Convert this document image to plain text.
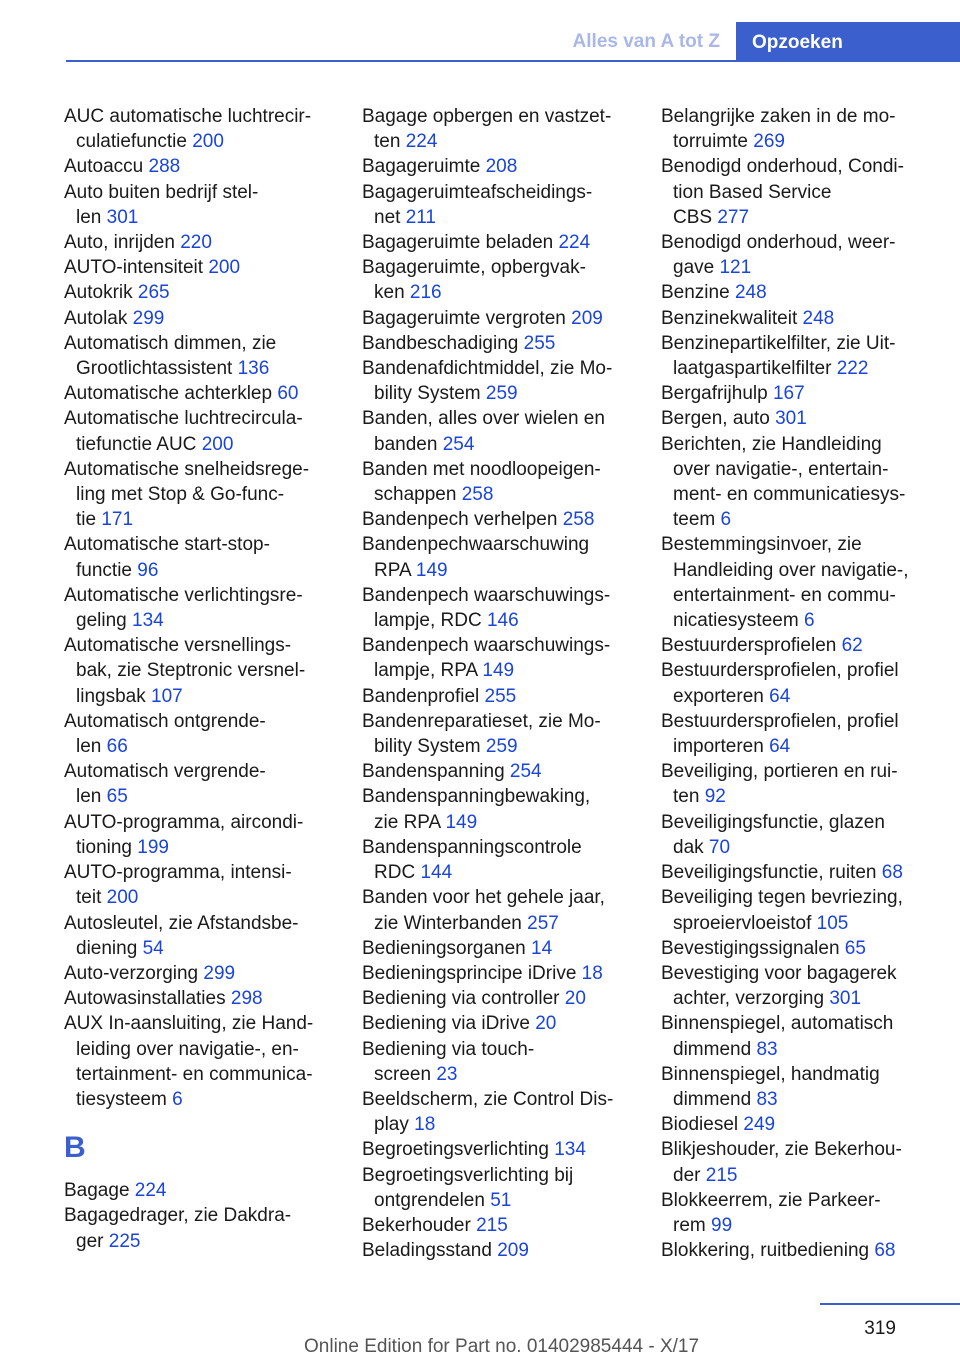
Alles van A tot Z	Opzoeken
AUC automatische luchtrecir-
culatiefunctie 200
Autoaccu 288
Auto buiten bedrijf stel-
len 301
Auto, inrijden 220
AUTO-intensiteit 200
Autokrik 265
Autolak 299
Automatisch dimmen, zie
Grootlichtassistent 136
Automatische achterklep 60
Automatische luchtrecircula-
tiefunctie AUC 200
Automatische snelheidsrege-
ling met Stop & Go-func-
tie 171
Automatische start-stop-
functie 96
Automatische verlichtingsre-
geling 134
Automatische versnellings-
bak, zie Steptronic versnel-
lingsbak 107
Automatisch ontgrende-
len 66
Automatisch vergrende-
len 65
AUTO-programma, aircondi-
tioning 199
AUTO-programma, intensi-
teit 200
Autosleutel, zie Afstandsbe-
diening 54
Auto-verzorging 299
Autowasinstallaties 298
AUX In-aansluiting, zie Hand-
leiding over navigatie-, en-
tertainment- en communica-
tiesysteem 6
B
Bagage 224
Bagagedrager, zie Dakdra-
ger 225
Bagage opbergen en vastzet-
ten 224
Bagageruimte 208
Bagageruimteafscheidings-
net 211
Bagageruimte beladen 224
Bagageruimte, opbergvak-
ken 216
Bagageruimte vergroten 209
Bandbeschadiging 255
Bandenafdichtmiddel, zie Mo-
bility System 259
Banden, alles over wielen en
banden 254
Banden met noodloopeigen-
schappen 258
Bandenpech verhelpen 258
Bandenpechwaarschuwing
RPA 149
Bandenpech waarschuwings-
lampje, RDC 146
Bandenpech waarschuwings-
lampje, RPA 149
Bandenprofiel 255
Bandenreparatieset, zie Mo-
bility System 259
Bandenspanning 254
Bandenspanningbewaking,
zie RPA 149
Bandenspanningscontrole
RDC 144
Banden voor het gehele jaar,
zie Winterbanden 257
Bedieningsorganen 14
Bedieningsprincipe iDrive 18
Bediening via controller 20
Bediening via iDrive 20
Bediening via touch-
screen 23
Beeldscherm, zie Control Dis-
play 18
Begroetingsverlichting 134
Begroetingsverlichting bij
ontgrendelen 51
Bekerhouder 215
Beladingsstand 209
Belangrijke zaken in de mo-
torruimte 269
Benodigd onderhoud, Condi-
tion Based Service
CBS 277
Benodigd onderhoud, weer-
gave 121
Benzine 248
Benzinekwaliteit 248
Benzinepartikelfilter, zie Uit-
laatgaspartikelfilter 222
Bergafrijhulp 167
Bergen, auto 301
Berichten, zie Handleiding
over navigatie-, entertain-
ment- en communicatiesys-
teem 6
Bestemmingsinvoer, zie
Handleiding over navigatie-,
entertainment- en commu-
nicatiesysteem 6
Bestuurdersprofielen 62
Bestuurdersprofielen, profiel
exporteren 64
Bestuurdersprofielen, profiel
importeren 64
Beveiliging, portieren en rui-
ten 92
Beveiligingsfunctie, glazen
dak 70
Beveiligingsfunctie, ruiten 68
Beveiliging tegen bevriezing,
sproeiervloeistof 105
Bevestigingssignalen 65
Bevestiging voor bagagerek
achter, verzorging 301
Binnenspiegel, automatisch
dimmend 83
Binnenspiegel, handmatig
dimmend 83
Biodiesel 249
Blikjeshouder, zie Bekerhou-
der 215
Blokkeerrem, zie Parkeer-
rem 99
Blokkering, ruitbediening 68
319
Online Edition for Part no. 01402985444 - X/17
